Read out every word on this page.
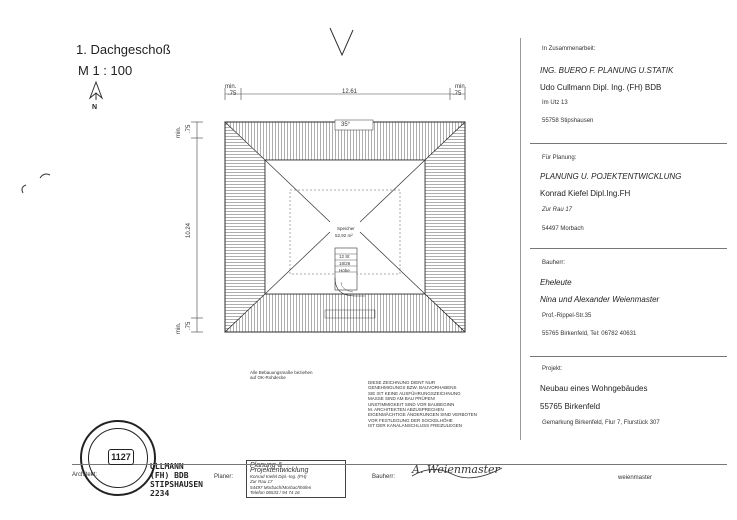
1. Dachgeschoß
M 1 : 100
N
min.	min.
.75	.75
12.61
min. .75
10.24
min. .75
35°
Speicher
52,92 m²
12 St
18/26
Höhe
Alle Bebauungsmaße beziehen
auf OK-Rohdecke
DIESE ZEICHNUNG DIENT NUR
GENEHMIGUNGS BZW. BAUVORHABENS
SIE IST KEINE AUSFÜHRUNGSZEICHNUNG
MASSE SIND AM BAU PRÜFEN!
UNSTIMMIGKEIT SIND VOR BAUBEGINN
M. ARCHITEKTEN ABZUSPRECHEN
EIGENMÄCHTIGE ÄNDERUNGEN SIND VERBOTEN
VOR FESTLEGUNG DER SOCKELHÖHE
IST DER KANALANSCHLUSS FREIZULEGEN
1127
ULLMANN
(FH) BDB
STIPSHAUSEN
2234
Planung & Projektentwicklung
Konrad Kiefel Dipl.-Ing. (FH)
Zur Rau 17
54497 Morbach/Morbachhöfen
Telefon 06533 / 94 74 16
A. Weienmaster
Architekt:	Planer:	Bauherr:	weienmaster
In Zusammenarbeit:
ING. BUERO F. PLANUNG U.STATIK
Udo Cullmann Dipl. Ing. (FH) BDB
Im Utz 13
55758 Stipshausen
Für Planung:
PLANUNG U. POJEKTENTWICKLUNG
Konrad Kiefel Dipl.Ing.FH
Zur Rau 17
54497 Morbach
Bauherr:
Eheleute
Nina und Alexander Weienmaster
Prof.-Rippel-Str.35
55765 Birkenfeld, Tel: 06782 40631
Projekt:
Neubau eines Wohngebäudes
55765 Birkenfeld
Gemarkung Birkenfeld, Flur 7, Flurstück 307
